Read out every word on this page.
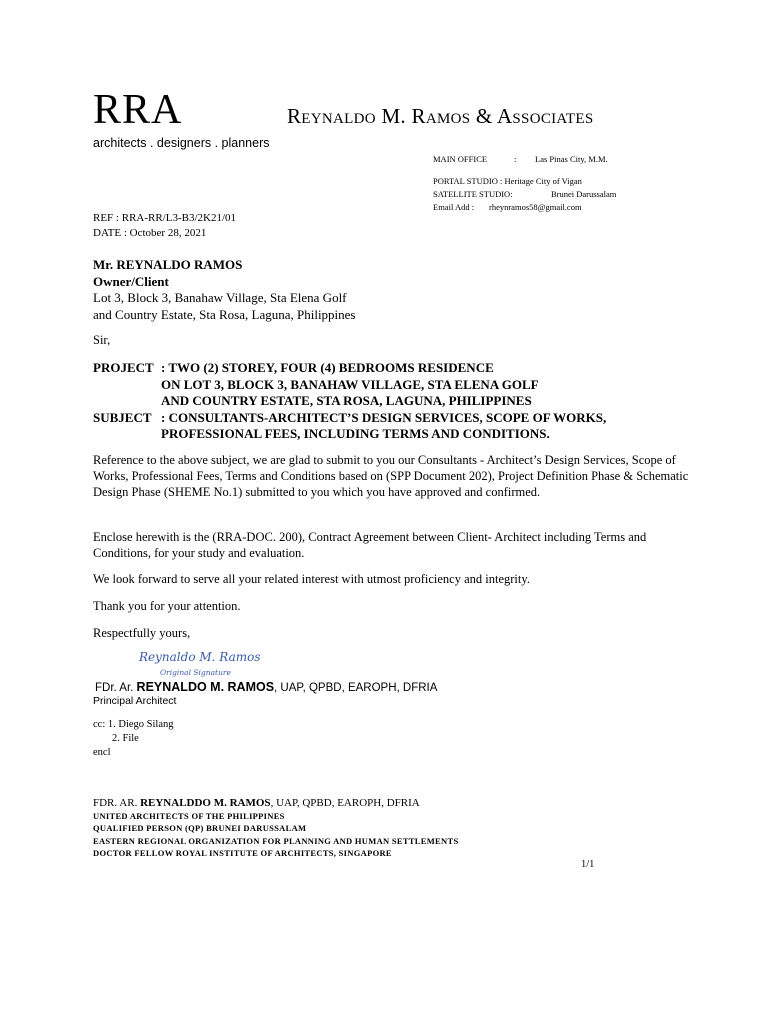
RRA	Reynaldo M. Ramos & Associates
architects . designers . planners
MAIN OFFICE	: Las Pinas City, M.M.
PORTAL STUDIO : Heritage City of Vigan
SATELLITE STUDIO:	Brunei Darussalam
Email Add : rheynramos58@gmail.com
REF : RRA-RR/L3-B3/2K21/01
DATE : October 28, 2021
Mr. REYNALDO RAMOS
Owner/Client
Lot 3, Block 3, Banahaw Village, Sta Elena Golf
and Country Estate, Sta Rosa, Laguna, Philippines
Sir,
PROJECT : TWO (2) STOREY, FOUR (4) BEDROOMS RESIDENCE
ON LOT 3, BLOCK 3, BANAHAW VILLAGE, STA ELENA GOLF
AND COUNTRY ESTATE, STA ROSA, LAGUNA, PHILIPPINES
SUBJECT : CONSULTANTS-ARCHITECT’S DESIGN SERVICES, SCOPE OF WORKS,
PROFESSIONAL FEES, INCLUDING TERMS AND CONDITIONS.
Reference to the above subject, we are glad to submit to you our Consultants - Architect’s Design Services, Scope of Works, Professional Fees, Terms and Conditions based on (SPP Document 202), Project Definition Phase & Schematic Design Phase (SHEME No.1) submitted to you which you have approved and confirmed.
Enclose herewith is the (RRA-DOC. 200), Contract Agreement between Client- Architect including Terms and Conditions, for your study and evaluation.
We look forward to serve all your related interest with utmost proficiency and integrity.
Thank you for your attention.
Respectfully yours,
Reynaldo M. Ramos
Original Signature
FDr. Ar. REYNALDO M. RAMOS, UAP, QPBD, EAROPH, DFRIA
Principal Architect
cc: 1. Diego Silang
2. File
encl
FDR. AR. REYNALDDO M. RAMOS, UAP, QPBD, EAROPH, DFRIA
UNITED ARCHITECTS OF THE PHILIPPINES
QUALIFIED PERSON (QP) BRUNEI DARUSSALAM
EASTERN REGIONAL ORGANIZATION FOR PLANNING AND HUMAN SETTLEMENTS
DOCTOR FELLOW ROYAL INSTITUTE OF ARCHITECTS, SINGAPORE
1/1
